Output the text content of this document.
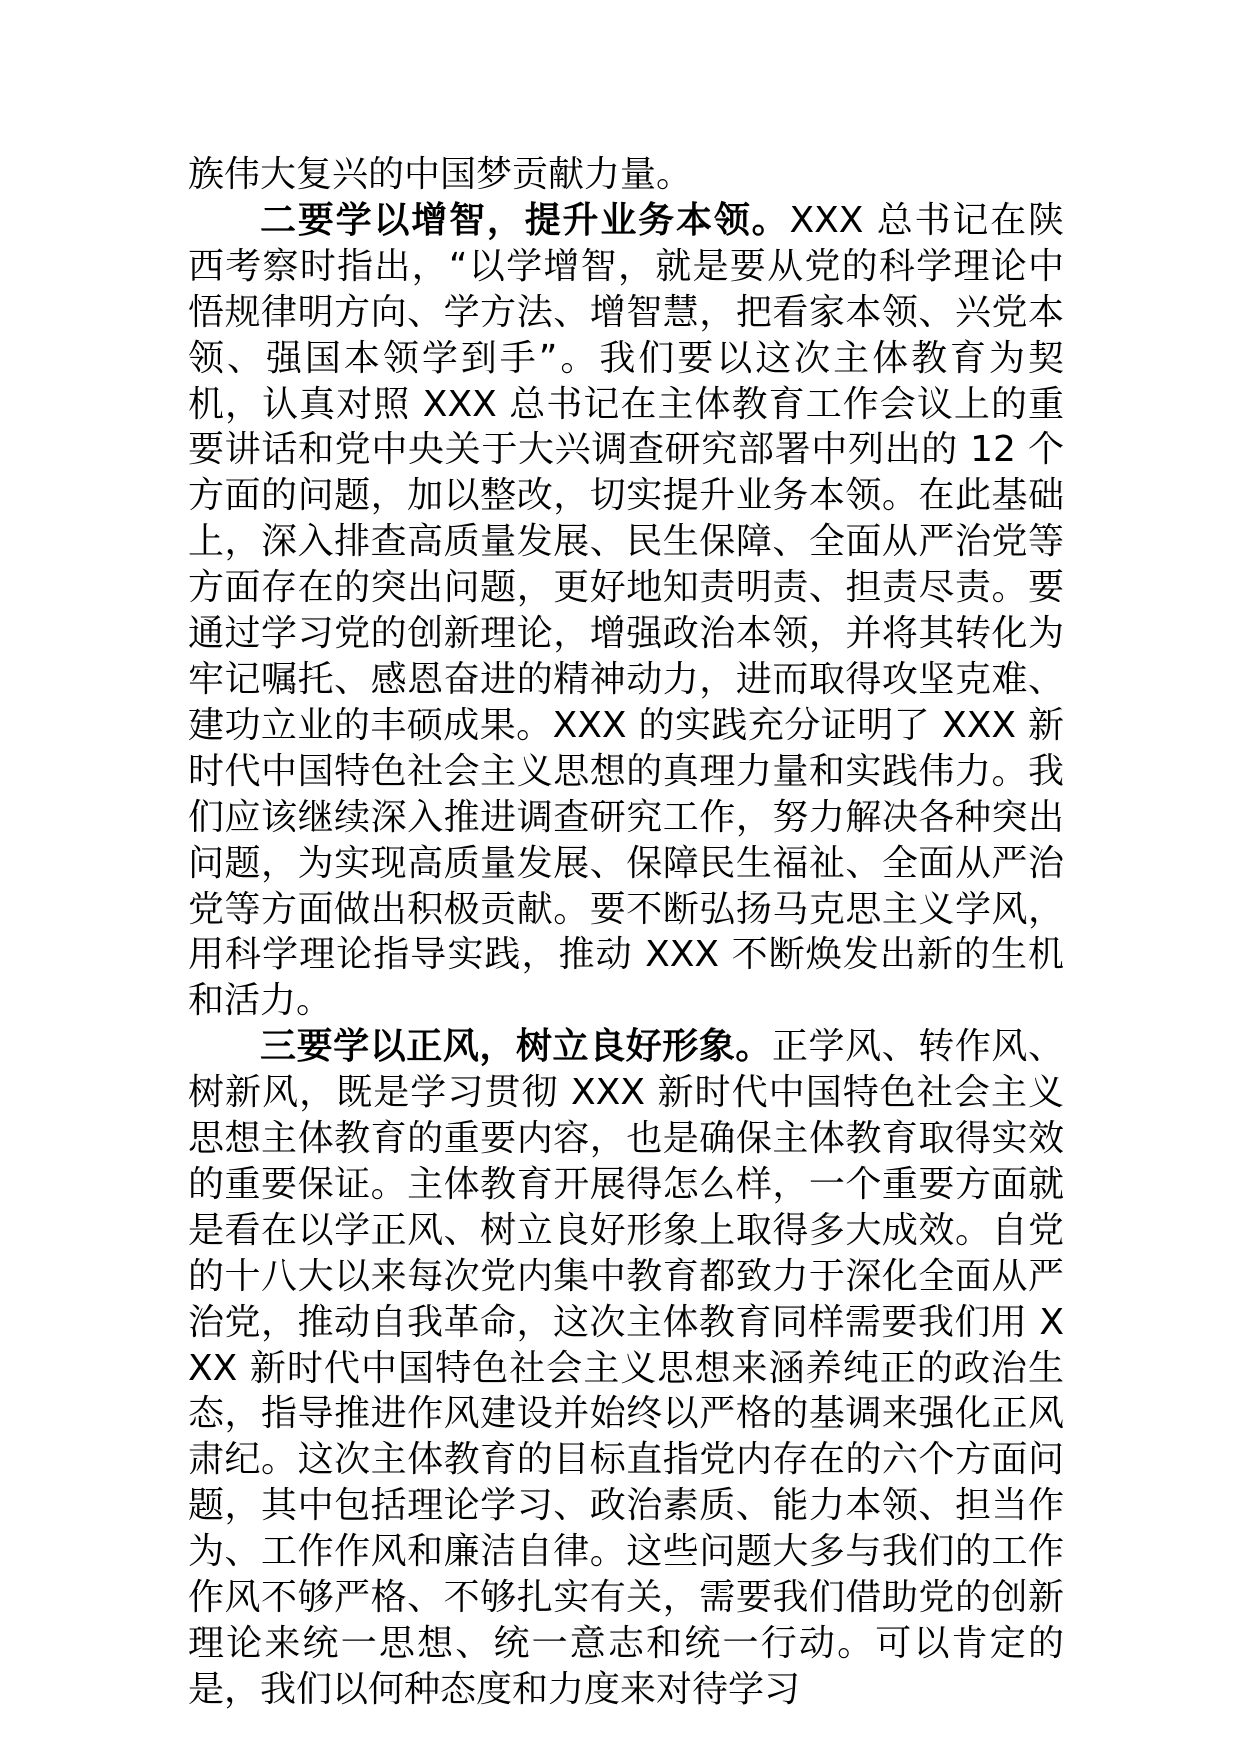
族伟大复兴的中国梦贡献力量。

二要学以增智，提升业务本领。XXX 总书记在陕西考察时指出，“以学增智，就是要从党的科学理论中悟规律明方向、学方法、增智慧，把看家本领、兴党本领、强国本领学到手”。我们要以这次主体教育为契机，认真对照 XXX 总书记在主体教育工作会议上的重要讲话和党中央关于大兴调查研究部署中列出的 12 个方面的问题，加以整改，切实提升业务本领。在此基础上，深入排查高质量发展、民生保障、全面从严治党等方面存在的突出问题，更好地知责明责、担责尽责。要通过学习党的创新理论，增强政治本领，并将其转化为牢记嘱托、感恩奋进的精神动力，进而取得攻坚克难、建功立业的丰硕成果。XXX 的实践充分证明了 XXX 新时代中国特色社会主义思想的真理力量和实践伟力。我们应该继续深入推进调查研究工作，努力解决各种突出问题，为实现高质量发展、保障民生福祉、全面从严治党等方面做出积极贡献。要不断弘扬马克思主义学风，用科学理论指导实践，推动 XXX 不断焕发出新的生机和活力。

三要学以正风，树立良好形象。正学风、转作风、树新风，既是学习贯彻 XXX 新时代中国特色社会主义思想主体教育的重要内容，也是确保主体教育取得实效的重要保证。主体教育开展得怎么样，一个重要方面就是看在以学正风、树立良好形象上取得多大成效。自党的十八大以来每次党内集中教育都致力于深化全面从严治党，推动自我革命，这次主体教育同样需要我们用 XXX 新时代中国特色社会主义思想来涵养纯正的政治生态，指导推进作风建设并始终以严格的基调来强化正风肃纪。这次主体教育的目标直指党内存在的六个方面问题，其中包括理论学习、政治素质、能力本领、担当作为、工作作风和廉洁自律。这些问题大多与我们的工作作风不够严格、不够扎实有关，需要我们借助党的创新理论来统一思想、统一意志和统一行动。可以肯定的是，我们以何种态度和力度来对待学习
